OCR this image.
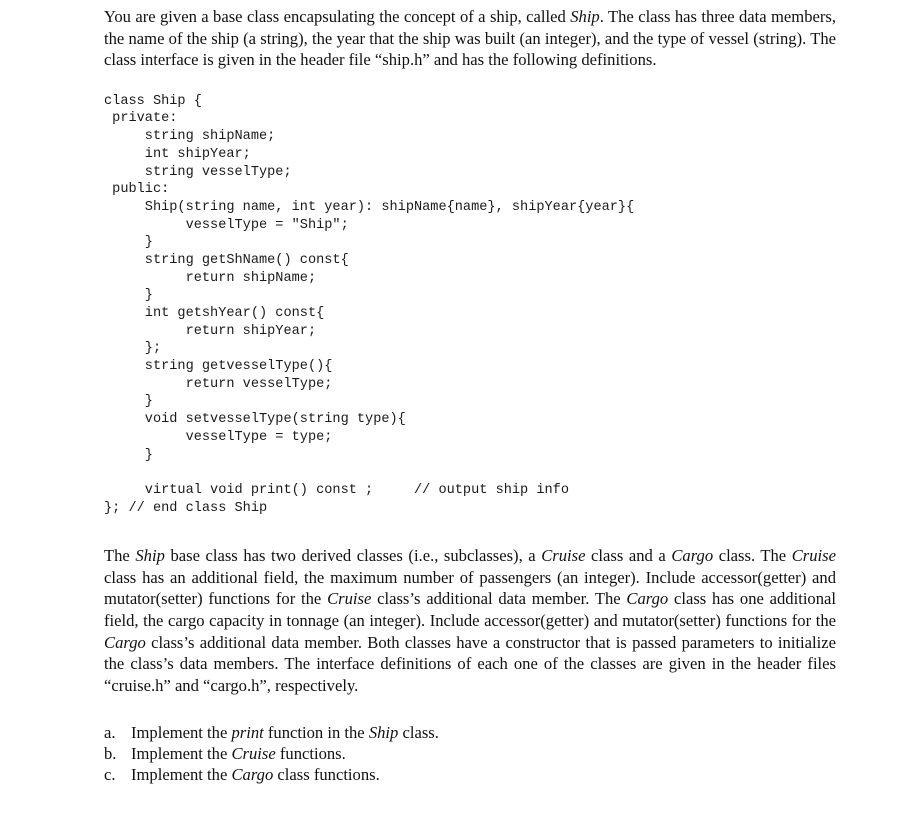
You are given a base class encapsulating the concept of a ship, called Ship. The class has three data members, the name of the ship (a string), the year that the ship was built (an integer), and the type of vessel (string). The class interface is given in the header file “ship.h” and has the following definitions.

class Ship {
private:
string shipName;
int shipYear;
string vesselType;
public:
Ship(string name, int year): shipName{name}, shipYear{year}{
vesselType = "Ship";
}
string getShName() const{
return shipName;
}
int getshYear() const{
return shipYear;
};
string getvesselType(){
return vesselType;
}
void setvesselType(string type){
vesselType = type;
}
virtual void print() const ;     // output ship info
}; // end class Ship

The Ship base class has two derived classes (i.e., subclasses), a Cruise class and a Cargo class. The Cruise class has an additional field, the maximum number of passengers (an integer). Include accessor(getter) and mutator(setter) functions for the Cruise class’s additional data member. The Cargo class has one additional field, the cargo capacity in tonnage (an integer). Include accessor(getter) and mutator(setter) functions for the Cargo class’s additional data member. Both classes have a constructor that is passed parameters to initialize the class’s data members. The interface definitions of each one of the classes are given in the header files “cruise.h” and “cargo.h”, respectively.

a. Implement the print function in the Ship class.
b. Implement the Cruise functions.
c. Implement the Cargo class functions.
